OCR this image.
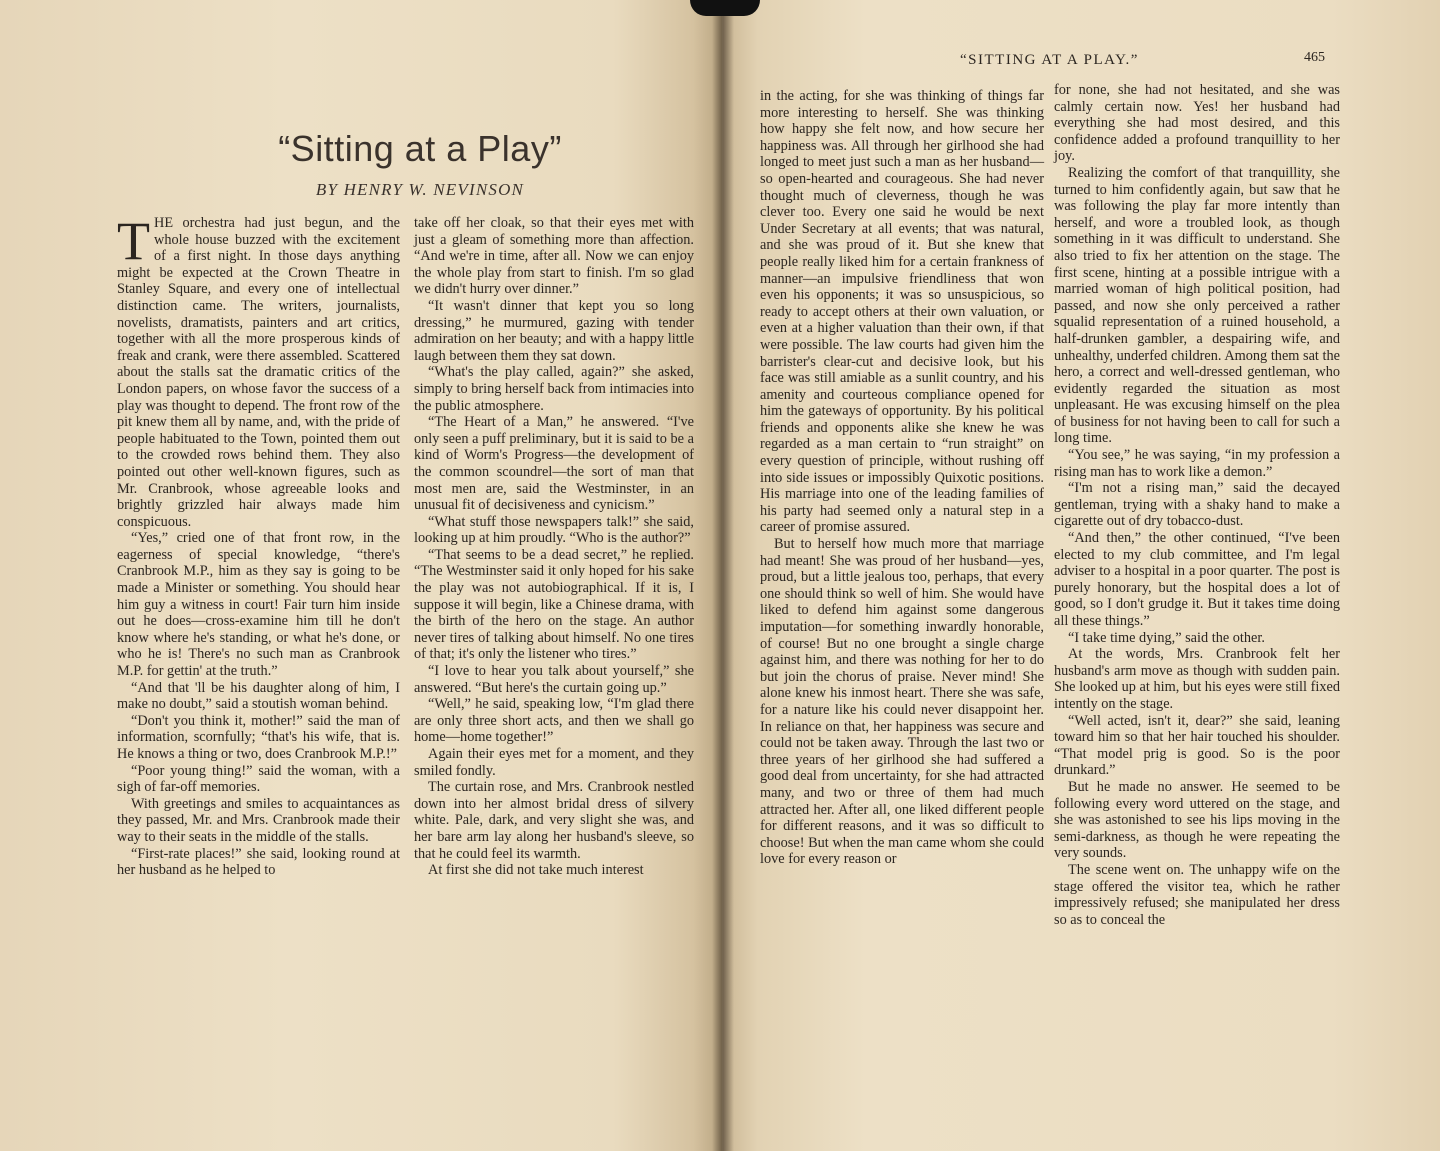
“Sitting at a Play”
BY HENRY W. NEVINSON

THE orchestra had just begun, and the whole house buzzed with the excitement of a first night. In those days anything might be expected at the Crown Theatre in Stanley Square, and every one of intellectual distinction came. The writers, journalists, novelists, dramatists, painters and art critics, together with all the more prosperous kinds of freak and crank, were there assembled. Scattered about the stalls sat the dramatic critics of the London papers, on whose favor the success of a play was thought to depend. The front row of the pit knew them all by name, and, with the pride of people habituated to the Town, pointed them out to the crowded rows behind them. They also pointed out other well-known figures, such as Mr. Cranbrook, whose agreeable looks and brightly grizzled hair always made him conspicuous.

“Yes,” cried one of that front row, in the eagerness of special knowledge, “there's Cranbrook M.P., him as they say is going to be made a Minister or something. You should hear him guy a witness in court! Fair turn him inside out he does—cross-examine him till he don't know where he's standing, or what he's done, or who he is! There's no such man as Cranbrook M.P. for gettin' at the truth.”

“And that 'll be his daughter along of him, I make no doubt,” said a stoutish woman behind.

“Don't you think it, mother!” said the man of information, scornfully; “that's his wife, that is. He knows a thing or two, does Cranbrook M.P.!”

“Poor young thing!” said the woman, with a sigh of far-off memories.

With greetings and smiles to acquaintances as they passed, Mr. and Mrs. Cranbrook made their way to their seats in the middle of the stalls.

“First-rate places!” she said, looking round at her husband as he helped to

take off her cloak, so that their eyes met with just a gleam of something more than affection. “And we're in time, after all. Now we can enjoy the whole play from start to finish. I'm so glad we didn't hurry over dinner.”

“It wasn't dinner that kept you so long dressing,” he murmured, gazing with tender admiration on her beauty; and with a happy little laugh between them they sat down.

“What's the play called, again?” she asked, simply to bring herself back from intimacies into the public atmosphere.

“The Heart of a Man,” he answered. “I've only seen a puff preliminary, but it is said to be a kind of Worm's Progress—the development of the common scoundrel—the sort of man that most men are, said the Westminster, in an unusual fit of decisiveness and cynicism.”

“What stuff those newspapers talk!” she said, looking up at him proudly. “Who is the author?”

“That seems to be a dead secret,” he replied. “The Westminster said it only hoped for his sake the play was not autobiographical. If it is, I suppose it will begin, like a Chinese drama, with the birth of the hero on the stage. An author never tires of talking about himself. No one tires of that; it's only the listener who tires.”

“I love to hear you talk about yourself,” she answered. “But here's the curtain going up.”

“Well,” he said, speaking low, “I'm glad there are only three short acts, and then we shall go home—home together!”

Again their eyes met for a moment, and they smiled fondly.

The curtain rose, and Mrs. Cranbrook nestled down into her almost bridal dress of silvery white. Pale, dark, and very slight she was, and her bare arm lay along her husband's sleeve, so that he could feel its warmth.

At first she did not take much interest

in the acting, for she was thinking of things far more interesting to herself. She was thinking how happy she felt now, and how secure her happiness was. All through her girlhood she had longed to meet just such a man as her husband—so open-hearted and courageous. She had never thought much of cleverness, though he was clever too. Every one said he would be next Under Secretary at all events; that was natural, and she was proud of it. But she knew that people really liked him for a certain frankness of manner—an impulsive friendliness that won even his opponents; it was so unsuspicious, so ready to accept others at their own valuation, or even at a higher valuation than their own, if that were possible. The law courts had given him the barrister's clear-cut and decisive look, but his face was still amiable as a sunlit country, and his amenity and courteous compliance opened for him the gateways of opportunity. By his political friends and opponents alike she knew he was regarded as a man certain to “run straight” on every question of principle, without rushing off into side issues or impossibly Quixotic positions. His marriage into one of the leading families of his party had seemed only a natural step in a career of promise assured.

But to herself how much more that marriage had meant! She was proud of her husband—yes, proud, but a little jealous too, perhaps, that every one should think so well of him. She would have liked to defend him against some dangerous imputation—for something inwardly honorable, of course! But no one brought a single charge against him, and there was nothing for her to do but join the chorus of praise. Never mind! She alone knew his inmost heart. There she was safe, for a nature like his could never disappoint her. In reliance on that, her happiness was secure and could not be taken away. Through the last two or three years of her girlhood she had suffered a good deal from uncertainty, for she had attracted many, and two or three of them had much attracted her. After all, one liked different people for different reasons, and it was so difficult to choose! But when the man came whom she could love for every reason or

for none, she had not hesitated, and she was calmly certain now. Yes! her husband had everything she had most desired, and this confidence added a profound tranquillity to her joy.

Realizing the comfort of that tranquillity, she turned to him confidently again, but saw that he was following the play far more intently than herself, and wore a troubled look, as though something in it was difficult to understand. She also tried to fix her attention on the stage. The first scene, hinting at a possible intrigue with a married woman of high political position, had passed, and now she only perceived a rather squalid representation of a ruined household, a half-drunken gambler, a despairing wife, and unhealthy, underfed children. Among them sat the hero, a correct and well-dressed gentleman, who evidently regarded the situation as most unpleasant. He was excusing himself on the plea of business for not having been to call for such a long time.

“You see,” he was saying, “in my profession a rising man has to work like a demon.”

“I'm not a rising man,” said the decayed gentleman, trying with a shaky hand to make a cigarette out of dry tobacco-dust.

“And then,” the other continued, “I've been elected to my club committee, and I'm legal adviser to a hospital in a poor quarter. The post is purely honorary, but the hospital does a lot of good, so I don't grudge it. But it takes time doing all these things.”

“I take time dying,” said the other.

At the words, Mrs. Cranbrook felt her husband's arm move as though with sudden pain. She looked up at him, but his eyes were still fixed intently on the stage.

“Well acted, isn't it, dear?” she said, leaning toward him so that her hair touched his shoulder. “That model prig is good. So is the poor drunkard.”

But he made no answer. He seemed to be following every word uttered on the stage, and she was astonished to see his lips moving in the semi-darkness, as though he were repeating the very sounds.

The scene went on. The unhappy wife on the stage offered the visitor tea, which he rather impressively refused; she manipulated her dress so as to conceal the

“SITTING AT A PLAY.”	465
